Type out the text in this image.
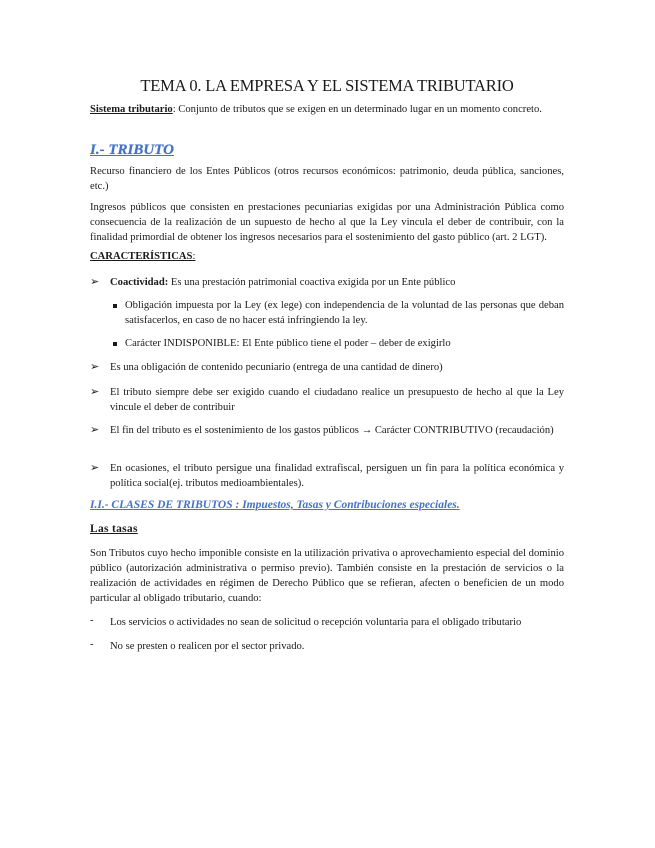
TEMA 0. LA EMPRESA Y EL SISTEMA TRIBUTARIO

Sistema tributario: Conjunto de tributos que se exigen en un determinado lugar en un momento concreto.

I.- TRIBUTO

Recurso financiero de los Entes Públicos (otros recursos económicos: patrimonio, deuda pública, sanciones, etc.)

Ingresos públicos que consisten en prestaciones pecuniarias exigidas por una Administración Pública como consecuencia de la realización de un supuesto de hecho al que la Ley vincula el deber de contribuir, con la finalidad primordial de obtener los ingresos necesarios para el sostenimiento del gasto público (art. 2 LGT).

CARACTERÍSTICAS:
➢ Coactividad: Es una prestación patrimonial coactiva exigida por un Ente público

Obligación impuesta por la Ley (ex lege) con independencia de la voluntad de las personas que deban satisfacerlos, en caso de no hacer está infringiendo la ley.

Carácter INDISPONIBLE: El Ente público tiene el poder – deber de exigirlo

➢ Es una obligación de contenido pecuniario (entrega de una cantidad de dinero)

➢ El tributo siempre debe ser exigido cuando el ciudadano realice un presupuesto de hecho al que la Ley vincule el deber de contribuir

➢ El fin del tributo es el sostenimiento de los gastos públicos → Carácter CONTRIBUTIVO (recaudación)

➢ En ocasiones, el tributo persigue una finalidad extrafiscal, persiguen un fin para la política económica y política social(ej. tributos medioambientales).

I.I.- CLASES DE TRIBUTOS : Impuestos, Tasas y Contribuciones especiales.
Las tasas

Son Tributos cuyo hecho imponible consiste en la utilización privativa o aprovechamiento especial del dominio público (autorización administrativa o permiso previo). También consiste en la prestación de servicios o la realización de actividades en régimen de Derecho Público que se refieran, afecten o beneficien de un modo particular al obligado tributario, cuando:

- Los servicios o actividades no sean de solicitud o recepción voluntaria para el obligado tributario

- No se presten o realicen por el sector privado.
